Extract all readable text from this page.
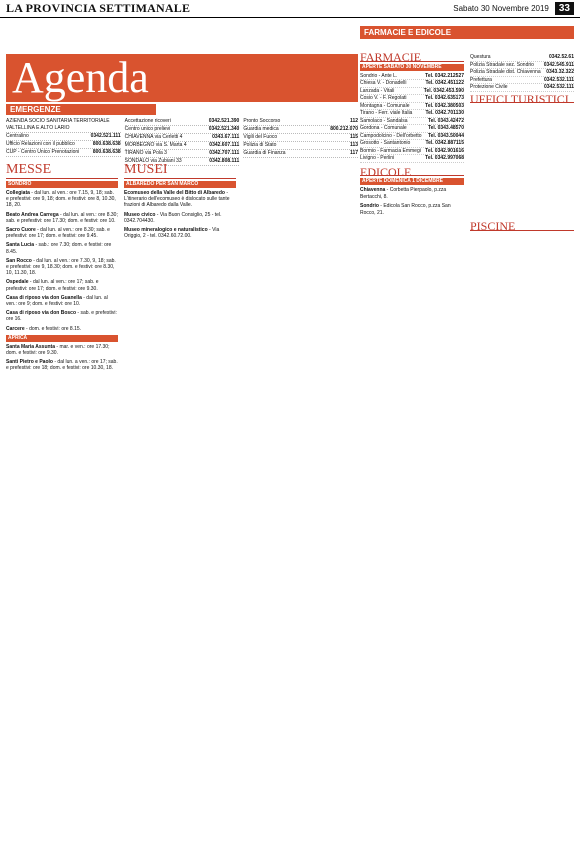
LA PROVINCIA SETTIMANALE	Sabato 30 Novembre 2019	33
Agenda
EMERGENZE
AZIENDA SOCIO SANITARIA TERRITORIALE VALTELLINA E ALTO LARIO
Centralino	0342.521.111
Ufficio Relazioni con il pubblico	800.638.638
CUP - Centro Unico Prenotazioni	800.638.638
Accettazione ricoveri	0342.521.390
Centro unico prelievi	0342.521.340
CHIAVENNA via Cerletti 4	0343.67.111
MORBEGNO via S. Marta 4	0342.607.111
TIRANO via Pola 3	0342.707.111
SONDALO via Zubiani 33	0342.808.111
Pronto Soccorso	112
Guardia medica	800.212.070
Vigili del Fuoco	115
Polizia di Stato	113
Guardia di Finanza	117
MESSE
SONDRIO
Collegiata - dal lun. al ven.: ore 7.15, 9, 18; sab. e prefestivi: ore 9, 18; dom. e festivi: ore 8, 10.30, 18, 20.
Beato Andrea Carrega - dal lun. al ven.: ore 8.30; sab. e prefestivi: ore 17.30; dom. e festivi: ore 10.
Sacro Cuore - dal lun. al ven.: ore 8.30; sab. e prefestivi: ore 17; dom. e festivi: ore 9.45.
Santa Lucia - sab.: ore 7.30; dom. e festivi: ore 8.45.
San Rocco - dal lun. al ven.: ore 7.30, 9, 18; sab. e prefestivi: ore 9, 18.30; dom. e festivi: ore 8.30, 10, 11.30, 18.
Ospedale - dal lun. al ven.: ore 17; sab. e prefestivi: ore 17; dom. e festivi: ore 9.30.
Casa di riposo via don Guanella - dal lun. al ven.: ore 9; dom. e festivi: ore 10.
Casa di riposo via don Bosco - sab. e prefestivi: ore 16.
Carcere - dom. e festivi: ore 8.15.
APRICA
Santa Maria Assunta - mar. e ven.: ore 17.30; dom. e festivi: ore 9.30.
Santi Pietro e Paolo - dal lun. a ven.: ore 17; sab. e prefestivi: ore 18; dom. e festivi: ore 10.30, 18.
MUSEI
ALBAREDO PER SAN MARCO
Ecomuseo della Valle del Bitto di Albaredo - L'itinerario dell'ecomuseo è dislocato sulle tante frazioni di Albaredo dalla Valle.
Museo civico - Via Buon Consiglio, 25 - tel. 0342.704430.
Museo mineralogico e naturalistico - Via Origgio, 2 - tel. 0342.60.72.00.
FARMACIE E EDICOLE
FARMACIE
APERTE SABATO 30 NOVEMBRE
Sondrio - Ante L.	Tel. 0342.212527
Chiesa V. - Donadelli	Tel. 0342.451122
Lanzada - Vitali	Tel. 0342.453.590
Cosio V. - F. Regolati	Tel. 0342.635173
Montagna - Comunale	Tel. 0342.380503
Tirano - Ferr. viale Italia	Tel. 0342.701130
Samolaco - Sandalsa	Tel. 0343.42472
Gordona - Comunale	Tel. 0343.48570
Campodolcino - Dell'orbetto Tel. 0343.50044
Grosotto - Santantonio	Tel. 0342.887115
Bormio - Farmacia Emmegi Tel. 0342.901616
Livigno - Perlini	Tel. 0342.997068
EDICOLE
APERTE DOMENICA 1 DICEMBRE
Chiavenna - Corbetta Pierpaolo, p.zza Bertacchi, 8.
Sondrio - Edicola San Rocco, p.zza San Rocco, 21.
Questura	0342.52.61
Polizia Stradale sez. Sondrio 0342.545.911
Polizia Stradale dist. Chiavenna 0343.32.322
Prefettura	0342.532.111
Protezione Civile	0342.532.111
UFFICI TURISTICI
PISCINE
